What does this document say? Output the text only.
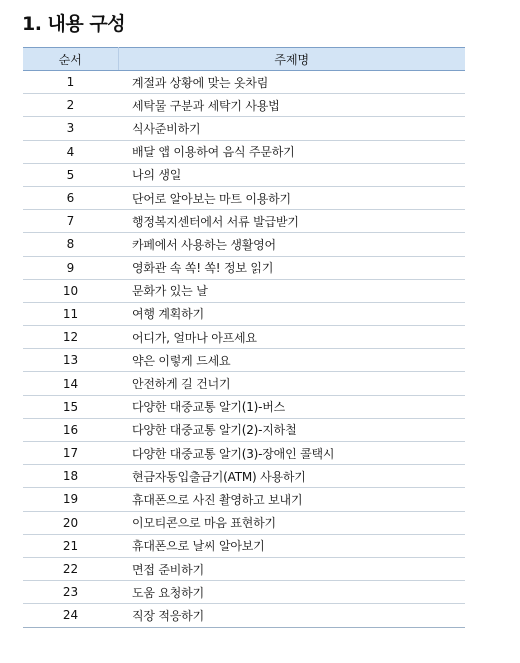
1. 내용 구성
순서	주제명
1	계절과 상황에 맞는 옷차림
2	세탁물 구분과 세탁기 사용법
3	식사준비하기
4	배달 앱 이용하여 음식 주문하기
5	나의 생일
6	단어로 알아보는 마트 이용하기
7	행정복지센터에서 서류 발급받기
8	카페에서 사용하는 생활영어
9	영화관 속 쏙! 쏙! 정보 읽기
10	문화가 있는 날
11	여행 계획하기
12	어디가, 얼마나 아프세요
13	약은 이렇게 드세요
14	안전하게 길 건너기
15	다양한 대중교통 알기(1)-버스
16	다양한 대중교통 알기(2)-지하철
17	다양한 대중교통 알기(3)-장애인 콜택시
18	현금자동입출금기(ATM) 사용하기
19	휴대폰으로 사진 촬영하고 보내기
20	이모티콘으로 마음 표현하기
21	휴대폰으로 날씨 알아보기
22	면접 준비하기
23	도움 요청하기
24	직장 적응하기
